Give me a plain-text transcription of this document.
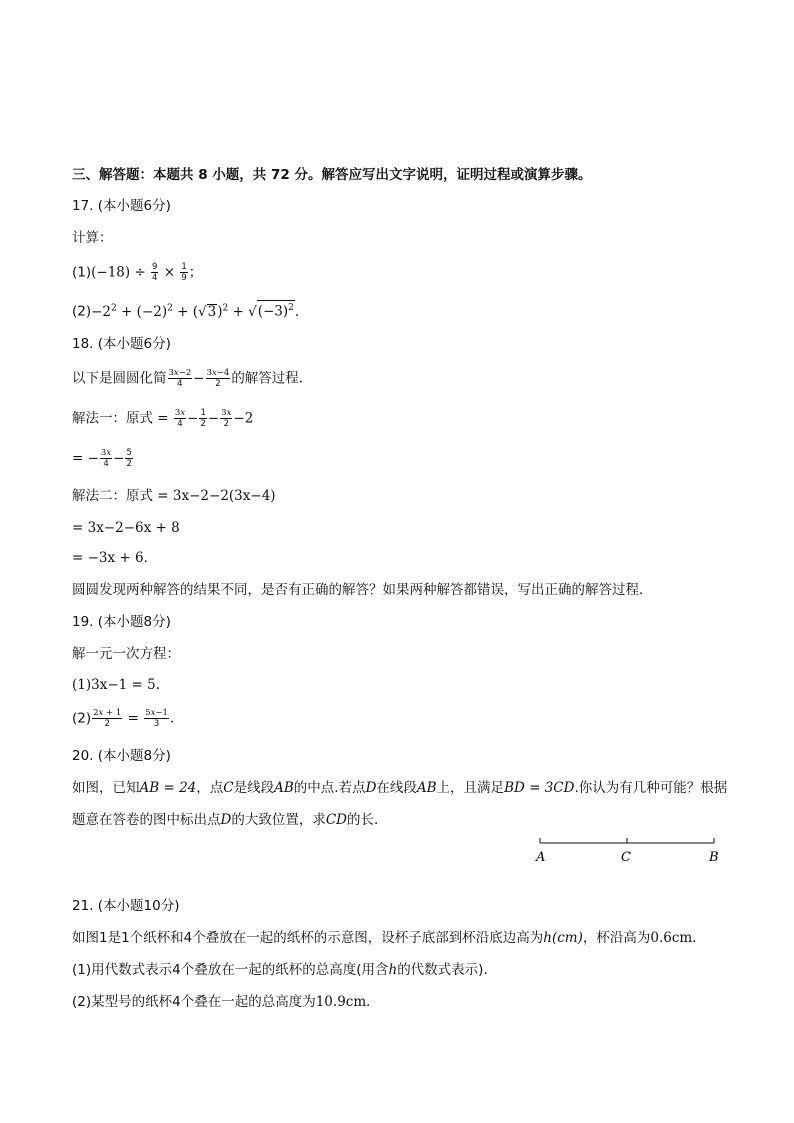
三、解答题：本题共 8 小题，共 72 分。解答应写出文字说明，证明过程或演算步骤。
17. (本小题6分)
计算：
$(1)(-18) \div \frac{9}{4} \times \frac{1}{9}$ ；
$(2)-2^2 + (-2)^2 + (√3)^2 + √(-3)^2$.
18. (本小题6分)
以下是圆圆化简 $\frac{3x-2}{4} - \frac{3x-4}{2}$ 的解答过程．
解法一：原式 = $\frac{3x}{4} - \frac{1}{2} - \frac{3x}{2} -2$
= − $\frac{3x}{4} - \frac{5}{2}$
解法二：原式 = 3x−2−2(3x−4)
= 3x−2−6x + 8
= −3x + 6．
圆圆发现两种解答的结果不同，是否有正确的解答？如果两种解答都错误，写出正确的解答过程．
19. (本小题8分)
解一元一次方程：
(1)3x−1 = 5.
$(2) \frac{2x + 1}{2} = \frac{5x-1}{3}$ .
20. (本小题8分)
如图，已知AB = 24，点C是线段AB的中点.若点D在线段AB上，且满足BD = 3CD.你认为有几种可能？根据
题意在答卷的图中标出点D的大致位置，求CD的长．
A	C	B
21. (本小题10分)
如图1是1个纸杯和4个叠放在一起的纸杯的示意图，设杯子底部到杯沿底边高为h(cm)，杯沿高为0.6cm．
(1)用代数式表示4个叠放在一起的纸杯的总高度(用含h的代数式表示)．
(2)某型号的纸杯4个叠在一起的总高度为10.9cm．
